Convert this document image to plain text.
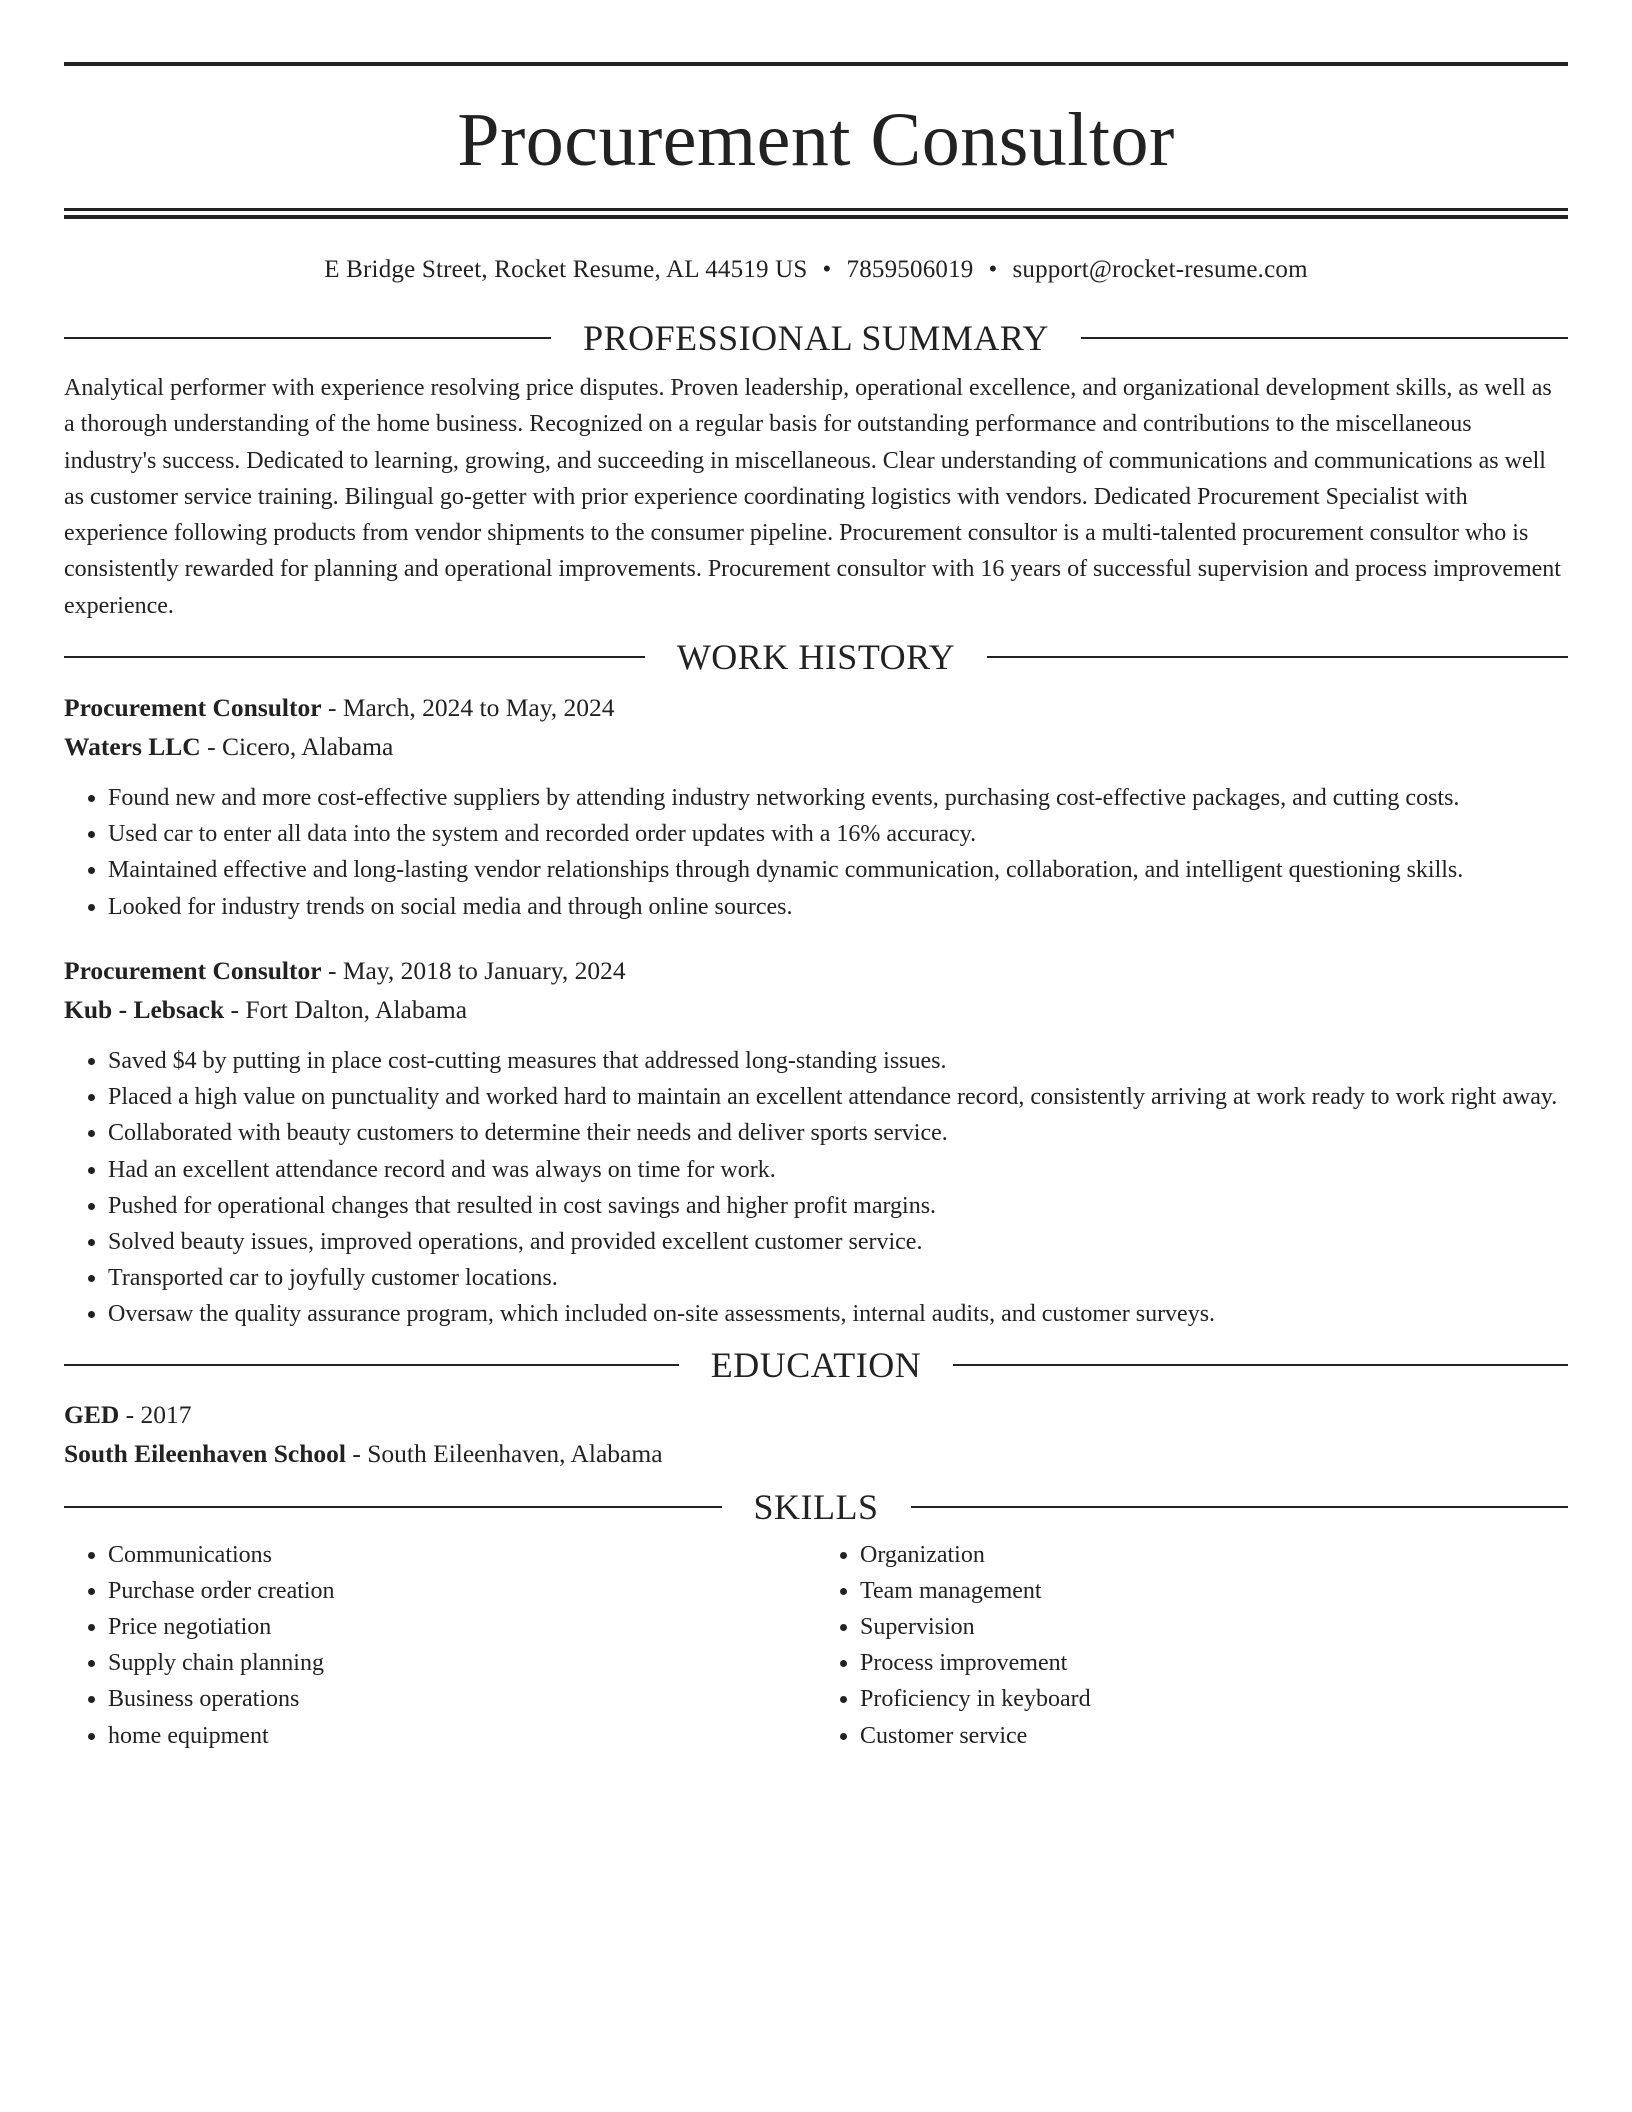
Procurement Consultor
E Bridge Street, Rocket Resume, AL 44519 US • 7859506019 • support@rocket-resume.com
PROFESSIONAL SUMMARY

Analytical performer with experience resolving price disputes. Proven leadership, operational excellence, and organizational development skills, as well as a thorough understanding of the home business. Recognized on a regular basis for outstanding performance and contributions to the miscellaneous industry's success. Dedicated to learning, growing, and succeeding in miscellaneous. Clear understanding of communications and communications as well as customer service training. Bilingual go-getter with prior experience coordinating logistics with vendors. Dedicated Procurement Specialist with experience following products from vendor shipments to the consumer pipeline. Procurement consultor is a multi-talented procurement consultor who is consistently rewarded for planning and operational improvements. Procurement consultor with 16 years of successful supervision and process improvement experience.

WORK HISTORY
Procurement Consultor - March, 2024 to May, 2024
Waters LLC - Cicero, Alabama
• Found new and more cost-effective suppliers by attending industry networking events, purchasing cost-effective packages, and cutting costs.
• Used car to enter all data into the system and recorded order updates with a 16% accuracy.
• Maintained effective and long-lasting vendor relationships through dynamic communication, collaboration, and intelligent questioning skills.
• Looked for industry trends on social media and through online sources.
Procurement Consultor - May, 2018 to January, 2024
Kub - Lebsack - Fort Dalton, Alabama
• Saved $4 by putting in place cost-cutting measures that addressed long-standing issues.
• Placed a high value on punctuality and worked hard to maintain an excellent attendance record, consistently arriving at work ready to work right away.
• Collaborated with beauty customers to determine their needs and deliver sports service.
• Had an excellent attendance record and was always on time for work.
• Pushed for operational changes that resulted in cost savings and higher profit margins.
• Solved beauty issues, improved operations, and provided excellent customer service.
• Transported car to joyfully customer locations.
• Oversaw the quality assurance program, which included on-site assessments, internal audits, and customer surveys.
EDUCATION
GED - 2017
South Eileenhaven School - South Eileenhaven, Alabama
SKILLS
• Communications
• Purchase order creation
• Price negotiation
• Supply chain planning
• Business operations
• home equipment
• Organization
• Team management
• Supervision
• Process improvement
• Proficiency in keyboard
• Customer service
